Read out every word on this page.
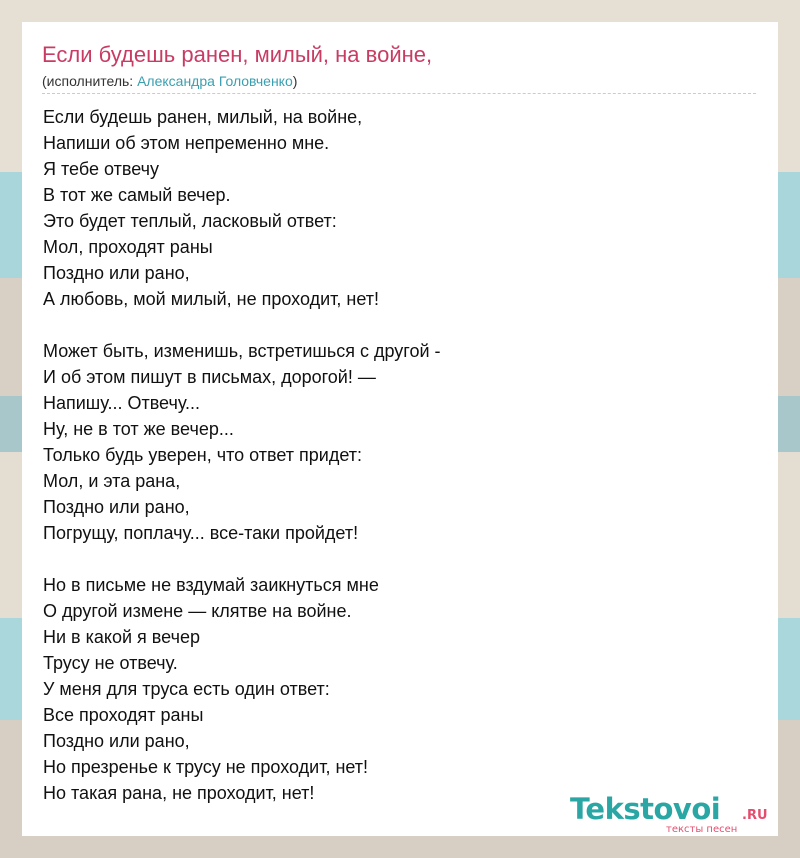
Если будешь ранен, милый, на войне,
(исполнитель: Александра Головченко)
Если будешь ранен, милый, на войне,
Напиши об этом непременно мне.
Я тебе отвечу
В тот же самый вечер.
Это будет теплый, ласковый ответ:
Мол, проходят раны
Поздно или рано,
А любовь, мой милый, не проходит, нет!
Может быть, изменишь, встретишься с другой -
И об этом пишут в письмах, дорогой! —
Напишу... Отвечу...
Ну, не в тот же вечер...
Только будь уверен, что ответ придет:
Мол, и эта рана,
Поздно или рано,
Погрущу, поплачу... все-таки пройдет!
Но в письме не вздумай заикнуться мне
О другой измене — клятве на войне.
Ни в какой я вечер
Трусу не отвечу.
У меня для труса есть один ответ:
Все проходят раны
Поздно или рано,
Но презренье к трусу не проходит, нет!
Но такая рана, не проходит, нет!	Tekstovoi .RU
тексты песен
